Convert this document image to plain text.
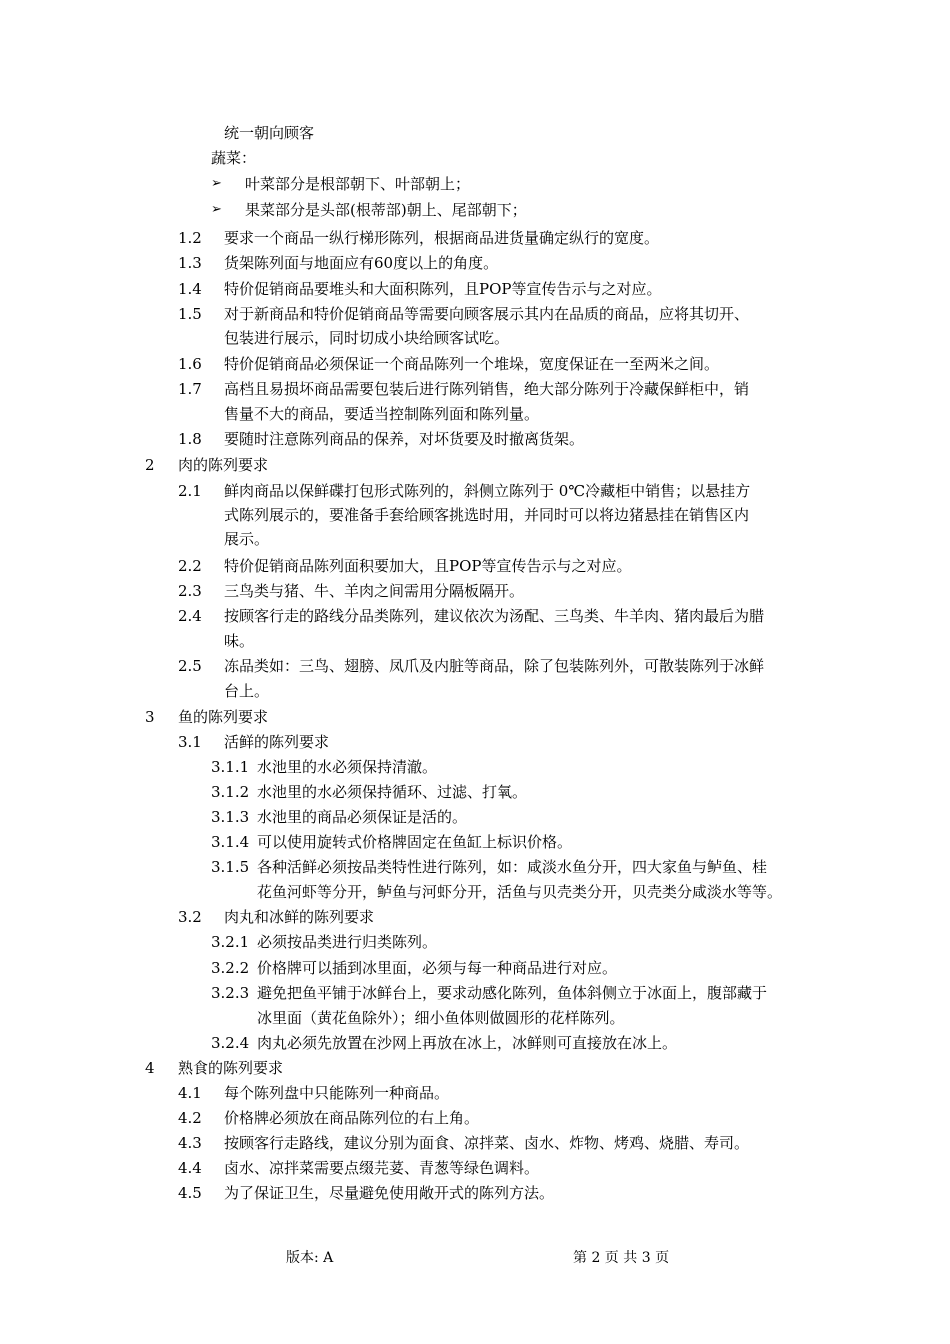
统一朝向顾客
蔬菜：
➢ 叶菜部分是根部朝下、叶部朝上；
➢ 果菜部分是头部(根蒂部)朝上、尾部朝下；
1.2 要求一个商品一纵行梯形陈列，根据商品进货量确定纵行的宽度。
1.3 货架陈列面与地面应有60度以上的角度。
1.4 特价促销商品要堆头和大面积陈列，且POP等宣传告示与之对应。
1.5 对于新商品和特价促销商品等需要向顾客展示其内在品质的商品，应将其切开、
包装进行展示，同时切成小块给顾客试吃。
1.6 特价促销商品必须保证一个商品陈列一个堆垛，宽度保证在一至两米之间。
1.7 高档且易损坏商品需要包装后进行陈列销售，绝大部分陈列于冷藏保鲜柜中，销
售量不大的商品，要适当控制陈列面和陈列量。
1.8 要随时注意陈列商品的保养，对坏货要及时撤离货架。
2 肉的陈列要求
2.1 鲜肉商品以保鲜碟打包形式陈列的，斜侧立陈列于 0℃冷藏柜中销售；以悬挂方
式陈列展示的，要准备手套给顾客挑选时用，并同时可以将边猪悬挂在销售区内
展示。
2.2 特价促销商品陈列面积要加大，且POP等宣传告示与之对应。
2.3 三鸟类与猪、牛、羊肉之间需用分隔板隔开。
2.4 按顾客行走的路线分品类陈列，建议依次为汤配、三鸟类、牛羊肉、猪肉最后为腊
味。
2.5 冻品类如：三鸟、翅膀、凤爪及内脏等商品，除了包装陈列外，可散装陈列于冰鲜
台上。
3 鱼的陈列要求
3.1 活鲜的陈列要求
3.1.1 水池里的水必须保持清澈。
3.1.2 水池里的水必须保持循环、过滤、打氧。
3.1.3 水池里的商品必须保证是活的。
3.1.4 可以使用旋转式价格牌固定在鱼缸上标识价格。
3.1.5 各种活鲜必须按品类特性进行陈列，如：咸淡水鱼分开，四大家鱼与鲈鱼、桂
花鱼河虾等分开，鲈鱼与河虾分开，活鱼与贝壳类分开，贝壳类分咸淡水等等。
3.2 肉丸和冰鲜的陈列要求
3.2.1 必须按品类进行归类陈列。
3.2.2 价格牌可以插到冰里面，必须与每一种商品进行对应。
3.2.3 避免把鱼平铺于冰鲜台上，要求动感化陈列，鱼体斜侧立于冰面上，腹部藏于
冰里面（黄花鱼除外）；细小鱼体则做圆形的花样陈列。
3.2.4 肉丸必须先放置在沙网上再放在冰上，冰鲜则可直接放在冰上。
4 熟食的陈列要求
4.1 每个陈列盘中只能陈列一种商品。
4.2 价格牌必须放在商品陈列位的右上角。
4.3 按顾客行走路线，建议分别为面食、凉拌菜、卤水、炸物、烤鸡、烧腊、寿司。
4.4 卤水、凉拌菜需要点缀芫荽、青葱等绿色调料。
4.5 为了保证卫生，尽量避免使用敞开式的陈列方法。
版本: A	第 2 页 共 3 页
